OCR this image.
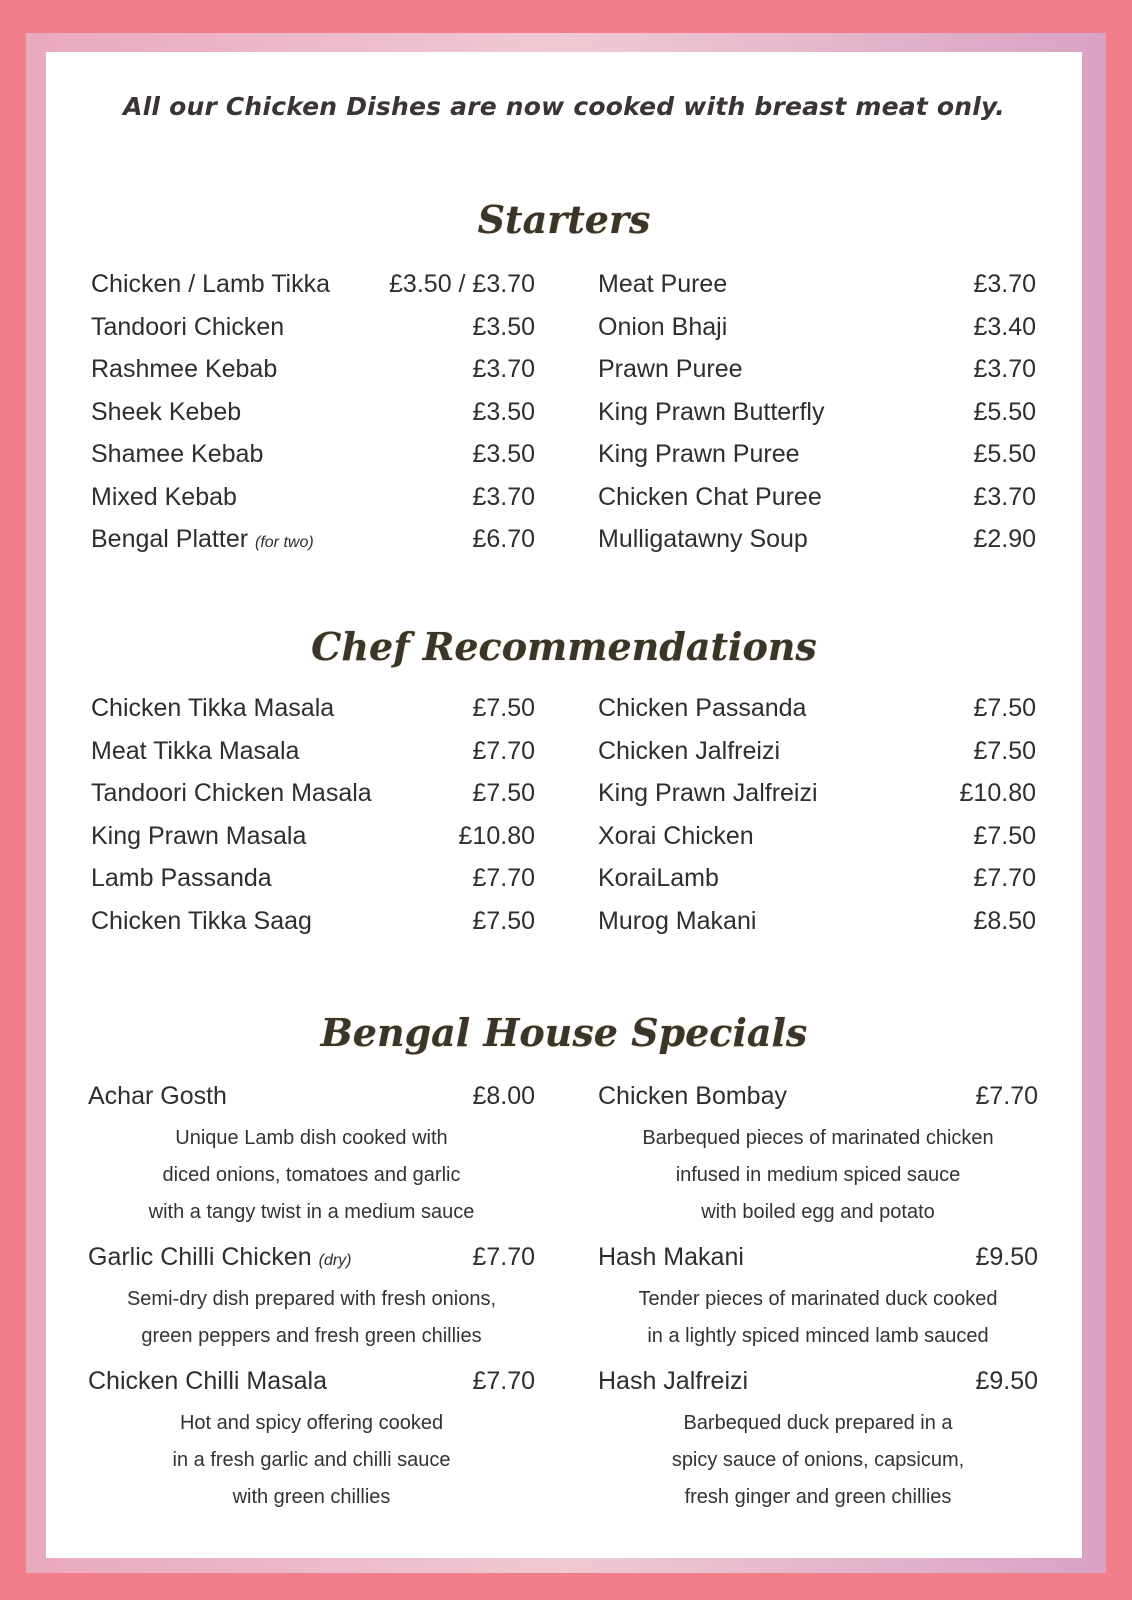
All our Chicken Dishes are now cooked with breast meat only.
Starters
Chicken / Lamb Tikka £3.50 / £3.70
Tandoori Chicken	£3.50
Rashmee Kebab	£3.70
Sheek Kebeb	£3.50
Shamee Kebab	£3.50
Mixed Kebab	£3.70
Bengal Platter (for two)	£6.70
Meat Puree	£3.70
Onion Bhaji	£3.40
Prawn Puree	£3.70
King Prawn Butterfly	£5.50
King Prawn Puree	£5.50
Chicken Chat Puree	£3.70
Mulligatawny Soup	£2.90
Chef Recommendations
Chicken Tikka Masala	£7.50
Meat Tikka Masala	£7.70
Tandoori Chicken Masala	£7.50
King Prawn Masala	£10.80
Lamb Passanda	£7.70
Chicken Tikka Saag	£7.50
Chicken Passanda	£7.50
Chicken Jalfreizi	£7.50
King Prawn Jalfreizi	£10.80
Xorai Chicken	£7.50
KoraiLamb	£7.70
Murog Makani	£8.50
Bengal House Specials
Achar Gosth	£8.00
Unique Lamb dish cooked with
diced onions, tomatoes and garlic
with a tangy twist in a medium sauce
Garlic Chilli Chicken (dry)	£7.70
Semi-dry dish prepared with fresh onions,
green peppers and fresh green chillies
Chicken Chilli Masala	£7.70
Hot and spicy offering cooked
in a fresh garlic and chilli sauce
with green chillies
Chicken Bombay	£7.70
Barbequed pieces of marinated chicken
infused in medium spiced sauce
with boiled egg and potato
Hash Makani	£9.50
Tender pieces of marinated duck cooked
in a lightly spiced minced lamb sauced
Hash Jalfreizi	£9.50
Barbequed duck prepared in a
spicy sauce of onions, capsicum,
fresh ginger and green chillies
